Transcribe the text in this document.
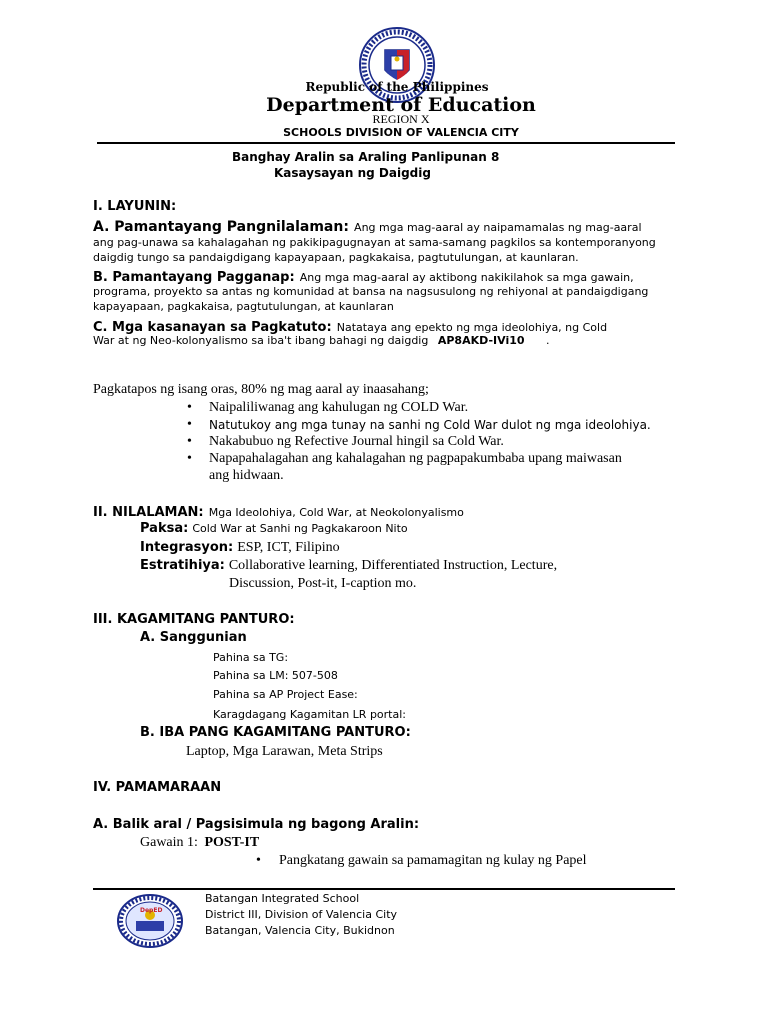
Republic of the Philippines
Department of Education
REGION X
SCHOOLS DIVISION OF VALENCIA CITY
Banghay Aralin sa Araling Panlipunan 8
Kasaysayan ng Daigdig
I. LAYUNIN:
A. Pamantayang Pangnilalaman: Ang mga mag-aaral ay naipamamalas ng mag-aaral
ang pag-unawa sa kahalagahan ng pakikipagugnayan at sama-samang pagkilos sa kontemporanyong
daigdig tungo sa pandaigdigang kapayapaan, pagkakaisa, pagtutulungan, at kaunlaran.
B. Pamantayang Pagganap: Ang mga mag-aaral ay aktibong nakikilahok sa mga gawain,
programa, proyekto sa antas ng komunidad at bansa na nagsusulong ng rehiyonal at pandaigdigang
kapayapaan, pagkakaisa, pagtutulungan, at kaunlaran
C. Mga kasanayan sa Pagkatuto: Natataya ang epekto ng mga ideolohiya, ng Cold
War at ng Neo-kolonyalismo sa iba't ibang bahagi ng daigdig AP8AKD-IVi10 .
Pagkatapos ng isang oras, 80% ng mag aaral ay inaasahang;
• Naipaliliwanag ang kahulugan ng COLD War.
• Natutukoy ang mga tunay na sanhi ng Cold War dulot ng mga ideolohiya.
• Nakabubuo ng Refective Journal hingil sa Cold War.
• Napapahalagahan ang kahalagahan ng pagpapakumbaba upang maiwasan
ang hidwaan.
II. NILALAMAN: Mga Ideolohiya, Cold War, at Neokolonyalismo
Paksa: Cold War at Sanhi ng Pagkakaroon Nito
Integrasyon: ESP, ICT, Filipino
Estratihiya: Collaborative learning, Differentiated Instruction, Lecture,
Discussion, Post-it, I-caption mo.
III. KAGAMITANG PANTURO:
A. Sanggunian
Pahina sa TG:
Pahina sa LM: 507-508
Pahina sa AP Project Ease:
Karagdagang Kagamitan LR portal:
B. IBA PANG KAGAMITANG PANTURO:
Laptop, Mga Larawan, Meta Strips
IV. PAMAMARAAN
A. Balik aral / Pagsisimula ng bagong Aralin:
Gawain 1: POST-IT
• Pangkatang gawain sa pamamagitan ng kulay ng Papel
DepED
Batangan Integrated School
District III, Division of Valencia City
Batangan, Valencia City, Bukidnon
